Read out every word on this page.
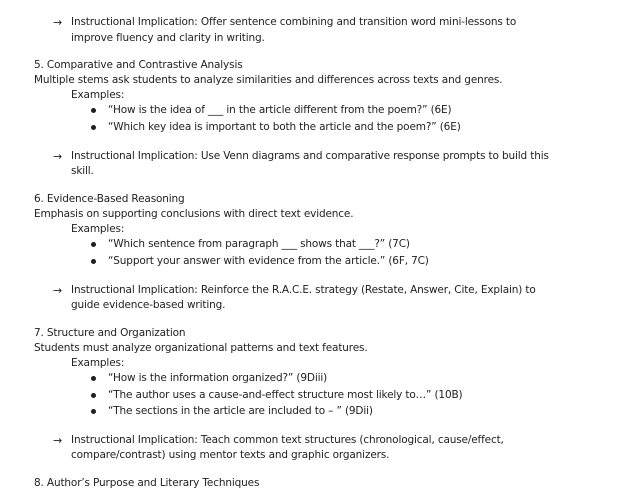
→ Instructional Implication: Offer sentence combining and transition word mini-lessons to
improve fluency and clarity in writing.
5. Comparative and Contrastive Analysis
Multiple stems ask students to analyze similarities and differences across texts and genres.
Examples:
“How is the idea of ___ in the article different from the poem?” (6E)
“Which key idea is important to both the article and the poem?” (6E)
→ Instructional Implication: Use Venn diagrams and comparative response prompts to build this
skill.
6. Evidence-Based Reasoning
Emphasis on supporting conclusions with direct text evidence.
Examples:
“Which sentence from paragraph ___ shows that ___?” (7C)
“Support your answer with evidence from the article.” (6F, 7C)
→ Instructional Implication: Reinforce the R.A.C.E. strategy (Restate, Answer, Cite, Explain) to
guide evidence-based writing.
7. Structure and Organization
Students must analyze organizational patterns and text features.
Examples:
“How is the information organized?” (9Diii)
“The author uses a cause-and-effect structure most likely to…” (10B)
“The sections in the article are included to – ” (9Dii)
→ Instructional Implication: Teach common text structures (chronological, cause/effect,
compare/contrast) using mentor texts and graphic organizers.
8. Author’s Purpose and Literary Techniques
